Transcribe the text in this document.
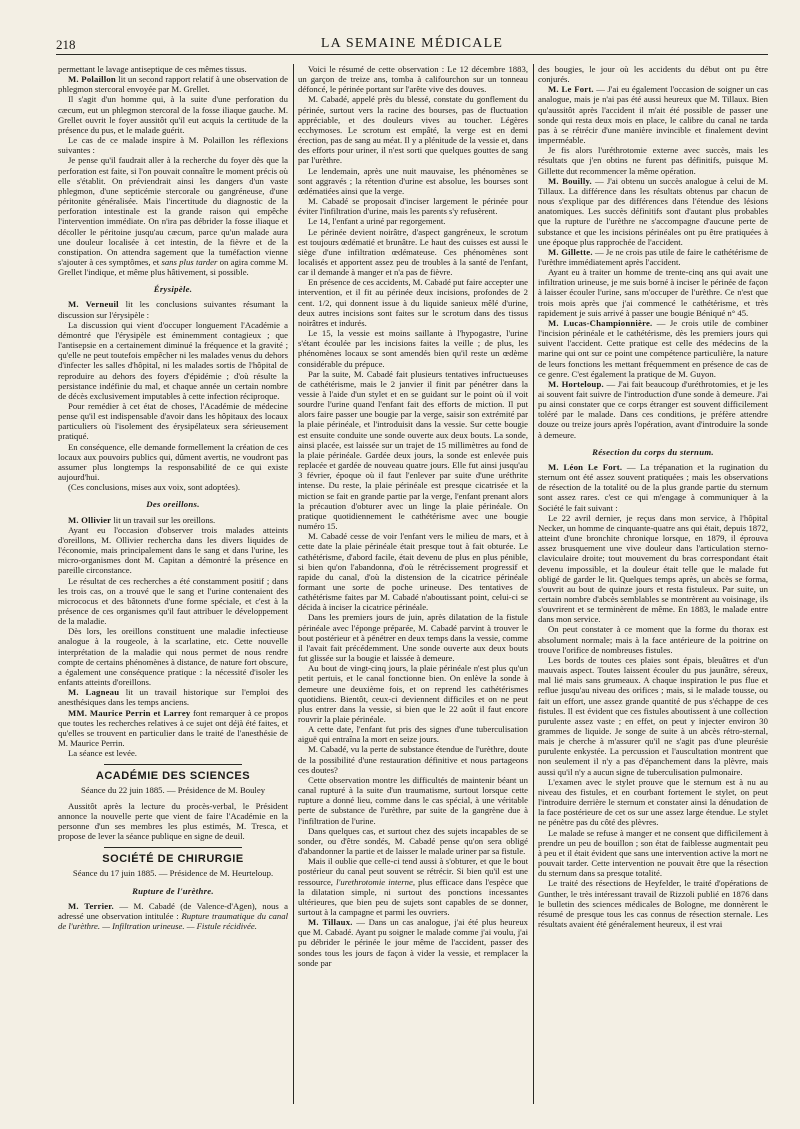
218	LA SEMAINE MÉDICALE

permettant le lavage antiseptique de ces mêmes tissus.

M. Polaillon lit un second rapport relatif à une observation de phlegmon stercoral envoyée par M. Grellet.

Il s'agit d'un homme qui, à la suite d'une perforation du cæcum, eut un phlegmon stercoral de la fosse iliaque gauche. M. Grellet ouvrit le foyer aussitôt qu'il eut acquis la certitude de la présence du pus, et le malade guérit.

Le cas de ce malade inspire à M. Polaillon les réflexions suivantes :

Je pense qu'il faudrait aller à la recherche du foyer dès que la perforation est faite, si l'on pouvait connaître le moment précis où elle s'établit. On préviendrait ainsi les dangers d'un vaste phlegmon, d'une septicémie stercorale ou gangréneuse, d'une péritonite généralisée. Mais l'incertitude du diagnostic de la perforation intestinale est la grande raison qui empêche l'intervention immédiate. On n'ira pas débrider la fosse iliaque et décoller le péritoine jusqu'au cæcum, parce qu'un malade aura une douleur localisée à cet intestin, de la fièvre et de la constipation. On attendra sagement que la tuméfaction vienne s'ajouter à ces symptômes, et sans plus tarder on agira comme M. Grellet l'indique, et même plus hâtivement, si possible.

Érysipèle.

M. Verneuil lit les conclusions suivantes résumant la discussion sur l'érysipèle :

La discussion qui vient d'occuper longuement l'Académie a démontré que l'érysipèle est éminemment contagieux ; que l'antisepsie en a certainement diminué la fréquence et la gravité ; qu'elle ne peut toutefois empêcher ni les malades venus du dehors d'infecter les salles d'hôpital, ni les malades sortis de l'hôpital de reproduire au dehors des foyers d'épidémie ; d'où résulte la persistance indéfinie du mal, et chaque année un certain nombre de décès exclusivement imputables à cette infection réciproque.

Pour remédier à cet état de choses, l'Académie de médecine pense qu'il est indispensable d'avoir dans les hôpitaux des locaux particuliers où l'isolement des érysipélateux sera sérieusement pratiqué.

En conséquence, elle demande formellement la création de ces locaux aux pouvoirs publics qui, dûment avertis, ne voudront pas assumer plus longtemps la responsabilité de ce qui existe aujourd'hui.

(Ces conclusions, mises aux voix, sont adoptées).

Des oreillons.

M. Ollivier lit un travail sur les oreillons.

Ayant eu l'occasion d'observer trois malades atteints d'oreillons, M. Ollivier rechercha dans les divers liquides de l'économie, mais principalement dans le sang et dans l'urine, les micro-organismes dont M. Capitan a démontré la présence en pareille circonstance.

Le résultat de ces recherches a été constamment positif ; dans les trois cas, on a trouvé que le sang et l'urine contenaient des micrococus et des bâtonnets d'une forme spéciale, et c'est à la présence de ces organismes qu'il faut attribuer le développement de la maladie.

Dès lors, les oreillons constituent une maladie infectieuse analogue à la rougeole, à la scarlatine, etc. Cette nouvelle interprétation de la maladie qui nous permet de nous rendre compte de certains phénomènes à distance, de nature fort obscure, a également une conséquence pratique : la nécessité d'isoler les enfants atteints d'oreillons.

M. Lagneau lit un travail historique sur l'emploi des anesthésiques dans les temps anciens.

MM. Maurice Perrin et Larrey font remarquer à ce propos que toutes les recherches relatives à ce sujet ont déjà été faites, et qu'elles se trouvent en particulier dans le traité de l'anesthésie de M. Maurice Perrin.

La séance est levée.

ACADÉMIE DES SCIENCES

Séance du 22 juin 1885. — Présidence de M. Bouley

Aussitôt après la lecture du procès-verbal, le Président annonce la nouvelle perte que vient de faire l'Académie en la personne d'un ses membres les plus estimés, M. Tresca, et propose de lever la séance publique en signe de deuil.

SOCIÉTÉ DE CHIRURGIE

Séance du 17 juin 1885. — Présidence de M. Heurteloup.

Rupture de l'urèthre.

M. Terrier. — M. Cabadé (de Valence-d'Agen), nous a adressé une observation intitulée : Rupture traumatique du canal de l'urèthre. — Infiltration urineuse. — Fistule récidivée.

Voici le résumé de cette observation : Le 12 décembre 1883, un garçon de treize ans, tomba à califourchon sur un tonneau défoncé, le périnée portant sur l'arête vive des douves.

M. Cabadé, appelé près du blessé, constate du gonflement du périnée, surtout vers la racine des bourses, pas de fluctuation appréciable, et des douleurs vives au toucher. Légères ecchymoses. Le scrotum est empâté, la verge est en demi érection, pas de sang au méat. Il y a plénitude de la vessie et, dans des efforts pour uriner, il n'est sorti que quelques gouttes de sang par l'urèthre.

Le lendemain, après une nuit mauvaise, les phénomènes se sont aggravés ; la rétention d'urine est absolue, les bourses sont œdématiées ainsi que la verge.

M. Cabadé se proposait d'inciser largement le périnée pour éviter l'infiltration d'urine, mais les parents s'y refusèrent.

Le 14, l'enfant a uriné par regorgement.

Le périnée devient noirâtre, d'aspect gangréneux, le scrotum est toujours œdématié et brunâtre. Le haut des cuisses est aussi le siège d'une infiltration œdémateuse. Ces phénomènes sont localisés et apportent assez peu de troubles à la santé de l'enfant, car il demande à manger et n'a pas de fièvre.

En présence de ces accidents, M. Cabadé put faire accepter une intervention, et il fit au périnée deux incisions, profondes de 2 cent. 1/2, qui donnent issue à du liquide sanieux mêlé d'urine, deux autres incisions sont faites sur le scrotum dans des tissus noirâtres et indurés.

Le 15, la vessie est moins saillante à l'hypogastre, l'urine s'étant écoulée par les incisions faites la veille ; de plus, les phénomènes locaux se sont amendés bien qu'il reste un œdème considérable du prépuce.

Par la suite, M. Cabadé fait plusieurs tentatives infructueuses de cathétérisme, mais le 2 janvier il finit par pénétrer dans la vessie à l'aide d'un stylet et en se guidant sur le point où il voit sourdre l'urine quand l'enfant fait des efforts de miction. Il put alors faire passer une bougie par la verge, saisir son extrémité par la plaie périnéale, et l'introduisit dans la vessie. Sur cette bougie est ensuite conduite une sonde ouverte aux deux bouts. La sonde, ainsi placée, est laissée sur un trajet de 15 millimètres au fond de la plaie périnéale. Gardée deux jours, la sonde est enlevée puis replacée et gardée de nouveau quatre jours. Elle fut ainsi jusqu'au 3 février, époque où il faut l'enlever par suite d'une uréthrite intense. Du reste, la plaie périnéale est presque cicatrisée et la miction se fait en grande partie par la verge, l'enfant prenant alors la précaution d'obturer avec un linge la plaie périnéale. On pratique quotidiennement le cathétérisme avec une bougie numéro 15.

M. Cabadé cesse de voir l'enfant vers le milieu de mars, et à cette date la plaie périnéale était presque tout à fait obturée. Le cathétérisme, d'abord facile, était devenu de plus en plus pénible, si bien qu'on l'abandonna, d'où le rétrécissement progressif et rapide du canal, d'où la distension de la cicatrice périnéale formant une sorte de poche urineuse. Des tentatives de cathétérisme faites par M. Cabadé n'aboutissant point, celui-ci se décida à inciser la cicatrice périnéale.

Dans les premiers jours de juin, après dilatation de la fistule périnéale avec l'éponge préparée, M. Cabadé parvint à trouver le bout postérieur et à pénétrer en deux temps dans la vessie, comme il l'avait fait précédemment. Une sonde ouverte aux deux bouts fut glissée sur la bougie et laissée à demeure.

Au bout de vingt-cinq jours, la plaie périnéale n'est plus qu'un petit pertuis, et le canal fonctionne bien. On enlève la sonde à demeure une deuxième fois, et on reprend les cathétérismes quotidiens. Bientôt, ceux-ci deviennent difficiles et on ne peut plus entrer dans la vessie, si bien que le 22 août il faut encore rouvrir la plaie périnéale.

A cette date, l'enfant fut pris des signes d'une tuberculisation aiguë qui entraîna la mort en seize jours.

M. Cabadé, vu la perte de substance étendue de l'urèthre, doute de la possibilité d'une restauration définitive et nous partageons ces doutes?

Cette observation montre les difficultés de maintenir béant un canal rupturé à la suite d'un traumatisme, surtout lorsque cette rupture a donné lieu, comme dans le cas spécial, à une véritable perte de substance de l'urèthre, par suite de la gangrène due à l'infiltration de l'urine.

Dans quelques cas, et surtout chez des sujets incapables de se sonder, ou d'être sondés, M. Cabadé pense qu'on sera obligé d'abandonner la partie et de laisser le malade uriner par sa fistule.

Mais il oublie que celle-ci tend aussi à s'obturer, et que le bout postérieur du canal peut souvent se rétrécir. Si bien qu'il est une ressource, l'urethrotomie interne, plus efficace dans l'espèce que la dilatation simple, ni surtout des ponctions incessantes ultérieures, que bien peu de sujets sont capables de se donner, surtout à la campagne et parmi les ouvriers.

M. Tillaux. — Dans un cas analogue, j'ai été plus heureux que M. Cabadé. Ayant pu soigner le malade comme j'ai voulu, j'ai pu débrider le périnée le jour même de l'accident, passer des sondes tous les jours de façon à vider la vessie, et remplacer la sonde par

des bougies, le jour où les accidents du début ont pu être conjurés.

M. Le Fort. — J'ai eu également l'occasion de soigner un cas analogue, mais je n'ai pas été aussi heureux que M. Tillaux. Bien qu'aussitôt après l'accident il m'ait été possible de passer une sonde qui resta deux mois en place, le calibre du canal ne tarda pas à se rétrécir d'une manière invincible et finalement devint imperméable.

Je fis alors l'uréthrotomie externe avec succès, mais les résultats que j'en obtins ne furent pas définitifs, puisque M. Gillette dut recommencer la même opération.

M. Bouilly. — J'ai obtenu un succès analogue à celui de M. Tillaux. La différence dans les résultats obtenus par chacun de nous s'explique par des différences dans l'étendue des lésions anatomiques. Les succès définitifs sont d'autant plus probables que la rupture de l'urèthre ne s'accompagne d'aucune perte de substance et que les incisions périnéales ont pu être pratiquées à une époque plus rapprochée de l'accident.

M. Gillette. — Je ne crois pas utile de faire le cathétérisme de l'urèthre immédiatement après l'accident.

Ayant eu à traiter un homme de trente-cinq ans qui avait une infiltration urineuse, je me suis borné à inciser le périnée de façon à laisser écouler l'urine, sans m'occuper de l'urèthre. Ce n'est que trois mois après que j'ai commencé le cathétérisme, et très rapidement je suis arrivé à passer une bougie Béniqué n° 45.

M. Lucas-Championnière. — Je crois utile de combiner l'incision périnéale et le cathétérisme, dès les premiers jours qui suivent l'accident. Cette pratique est celle des médecins de la marine qui ont sur ce point une compétence particulière, la nature de leurs fonctions les mettant fréquemment en présence de cas de ce genre. C'est également la pratique de M. Guyon.

M. Horteloup. — J'ai fait beaucoup d'uréthrotomies, et je les ai souvent fait suivre de l'introduction d'une sonde à demeure. J'ai pu ainsi constater que ce corps étranger est souvent difficilement toléré par le malade. Dans ces conditions, je préfère attendre douze ou treize jours après l'opération, avant d'introduire la sonde à demeure.

Résection du corps du sternum.

M. Léon Le Fort. — La trépanation et la rugination du sternum ont été assez souvent pratiquées ; mais les observations de résection de la totalité ou de la plus grande partie du sternum sont assez rares. c'est ce qui m'engage à communiquer à la Société le fait suivant :

Le 22 avril dernier, je reçus dans mon service, à l'hôpital Necker, un homme de cinquante-quatre ans qui était, depuis 1872, atteint d'une bronchite chronique lorsque, en 1879, il éprouva assez brusquement une vive douleur dans l'articulation sterno-claviculaire droite; tout mouvement du bras correspondant était devenu impossible, et la douleur était telle que le malade fut obligé de garder le lit. Quelques temps après, un abcès se forma, s'ouvrit au bout de quinze jours et resta fistuleux. Par suite, un certain nombre d'abcès semblables se montrèrent au voisinage, ils s'ouvrirent et se terminèrent de même. En 1883, le malade entre dans mon service.

On peut constater à ce moment que la forme du thorax est absolument normale; mais à la face antérieure de la poitrine on trouve l'orifice de nombreuses fistules.

Les bords de toutes ces plaies sont épais, bleuâtres et d'un mauvais aspect. Toutes laissent écouler du pus jaunâtre, séreux, mal lié mais sans grumeaux. A chaque inspiration le pus flue et reflue jusqu'au niveau des orifices ; mais, si le malade tousse, ou fait un effort, une assez grande quantité de pus s'échappe de ces fistules. Il est évident que ces fistules aboutissent à une collection purulente assez vaste ; en effet, on peut y injecter environ 30 grammes de liquide. Je songe de suite à un abcès rétro-sternal, mais je cherche à m'assurer qu'il ne s'agit pas d'une pleurésie purulente enkystée. La percussion et l'auscultation montrent que non seulement il n'y a pas d'épanchement dans la plèvre, mais aussi qu'il n'y a aucun signe de tuberculisation pulmonaire.

L'examen avec le stylet prouve que le sternum est à nu au niveau des fistules, et en courbant fortement le stylet, on peut l'introduire derrière le sternum et constater ainsi la dénudation de la face postérieure de cet os sur une assez large étendue. Le stylet ne pénètre pas du côté des plèvres.

Le malade se refuse à manger et ne consent que difficilement à prendre un peu de bouillon ; son état de faiblesse augmentait peu à peu et il était évident que sans une intervention active la mort ne pouvait tarder. Cette intervention ne pouvait être que la résection du sternum dans sa presque totalité.

Le traité des résections de Heyfelder, le traité d'opérations de Gunther, le très intéressant travail de Rizzoli publié en 1876 dans le bulletin des sciences médicales de Bologne, me donnèrent le résumé de presque tous les cas connus de résection sternale. Les résultats avaient été généralement heureux, il est vrai
